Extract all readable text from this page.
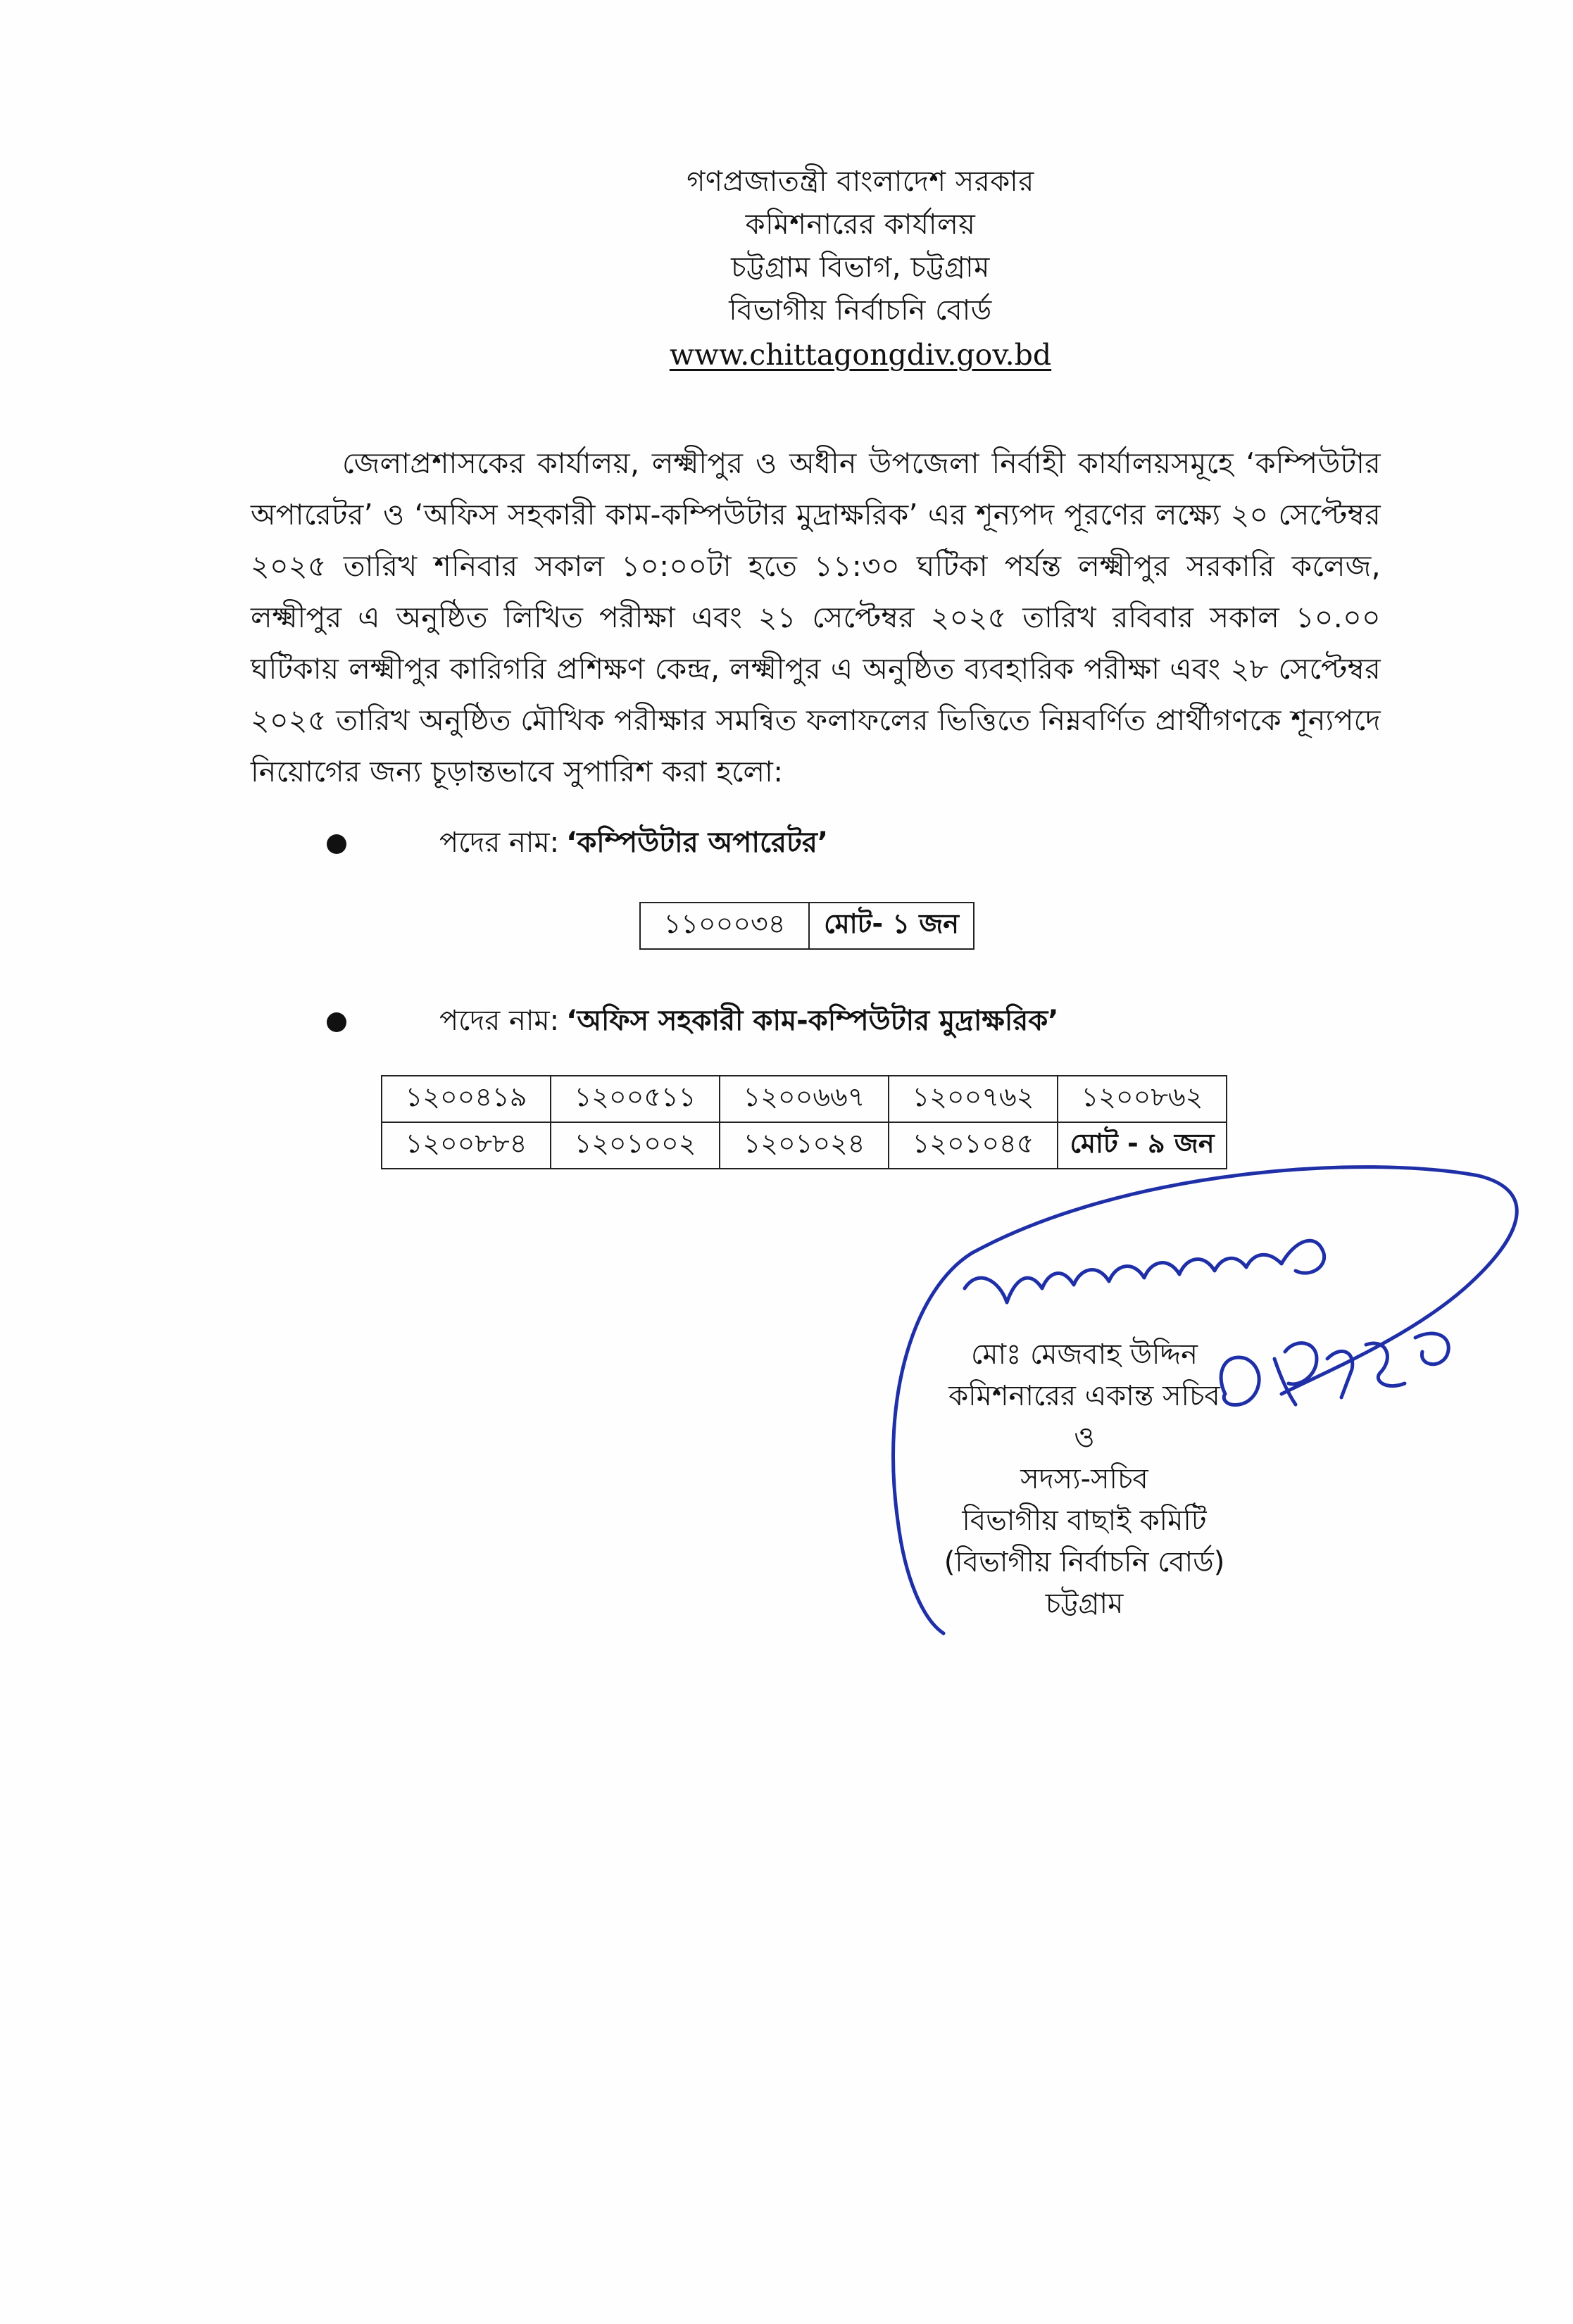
গণপ্রজাতন্ত্রী বাংলাদেশ সরকার
কমিশনারের কার্যালয়
চট্টগ্রাম বিভাগ, চট্টগ্রাম
বিভাগীয় নির্বাচনি বোর্ড
www.chittagongdiv.gov.bd
জেলাপ্রশাসকের কার্যালয়, লক্ষ্মীপুর ও অধীন উপজেলা নির্বাহী কার্যালয়সমূহে ‘কম্পিউটার অপারেটর’ ও ‘অফিস সহকারী কাম-কম্পিউটার মুদ্রাক্ষরিক’ এর শূন্যপদ পূরণের লক্ষ্যে ২০ সেপ্টেম্বর ২০২৫ তারিখ শনিবার সকাল ১০:০০টা হতে ১১:৩০ ঘটিকা পর্যন্ত লক্ষ্মীপুর সরকারি কলেজ, লক্ষ্মীপুর এ অনুষ্ঠিত লিখিত পরীক্ষা এবং ২১ সেপ্টেম্বর ২০২৫ তারিখ রবিবার সকাল ১০.০০ ঘটিকায় লক্ষ্মীপুর কারিগরি প্রশিক্ষণ কেন্দ্র, লক্ষ্মীপুর এ অনুষ্ঠিত ব্যবহারিক পরীক্ষা এবং ২৮ সেপ্টেম্বর ২০২৫ তারিখ অনুষ্ঠিত মৌখিক পরীক্ষার সমন্বিত ফলাফলের ভিত্তিতে নিম্নবর্ণিত প্রার্থীগণকে শূন্যপদে নিয়োগের জন্য চূড়ান্তভাবে সুপারিশ করা হলো:
পদের নাম: ‘কম্পিউটার অপারেটর’
১১০০০৩৪	মোট- ১ জন
পদের নাম: ‘অফিস সহকারী কাম-কম্পিউটার মুদ্রাক্ষরিক’
১২০০৪১৯	১২০০৫১১	১২০০৬৬৭	১২০০৭৬২	১২০০৮৬২
১২০০৮৮৪	১২০১০০২	১২০১০২৪	১২০১০৪৫	মোট - ৯ জন
মোঃ মেজবাহ উদ্দিন
কমিশনারের একান্ত সচিব
ও
সদস্য-সচিব
বিভাগীয় বাছাই কমিটি
(বিভাগীয় নির্বাচনি বোর্ড)
চট্টগ্রাম
